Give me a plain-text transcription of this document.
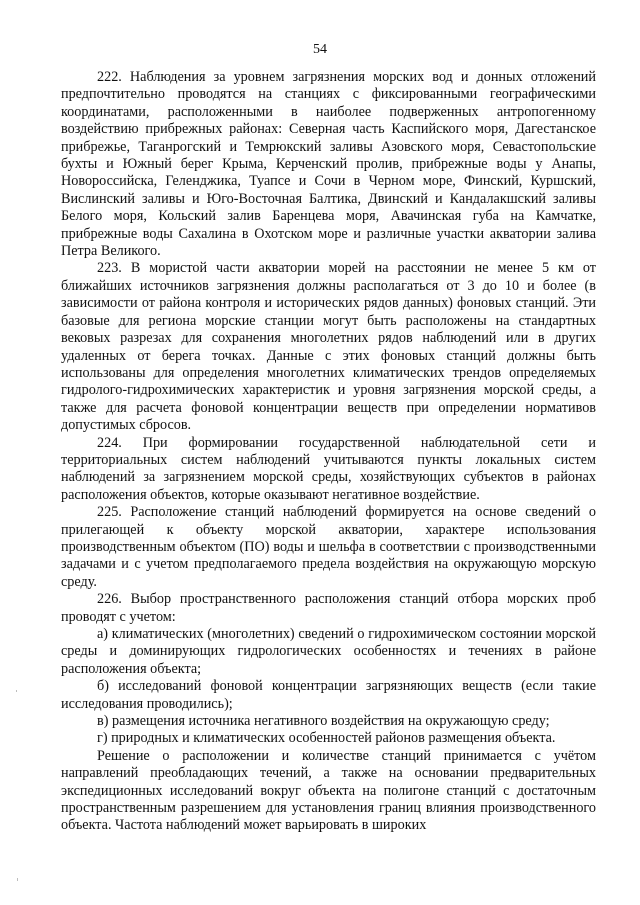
54

222. Наблюдения за уровнем загрязнения морских вод и донных отложений предпочтительно проводятся на станциях с фиксированными географическими координатами, расположенными в наиболее подверженных антропогенному воздействию прибрежных районах: Северная часть Каспийского моря, Дагестанское прибрежье, Таганрогский и Темрюкский заливы Азовского моря, Севастопольские бухты и Южный берег Крыма, Керченский пролив, прибрежные воды у Анапы, Новороссийска, Геленджика, Туапсе и Сочи в Черном море, Финский, Куршский, Вислинский заливы и Юго-Восточная Балтика, Двинский и Кандалакшский заливы Белого моря, Кольский залив Баренцева моря, Авачинская губа на Камчатке, прибрежные воды Сахалина в Охотском море и различные участки акватории залива Петра Великого.

223. В мористой части акватории морей на расстоянии не менее 5 км от ближайших источников загрязнения должны располагаться от 3 до 10 и более (в зависимости от района контроля и исторических рядов данных) фоновых станций. Эти базовые для региона морские станции могут быть расположены на стандартных вековых разрезах для сохранения многолетних рядов наблюдений или в других удаленных от берега точках. Данные с этих фоновых станций должны быть использованы для определения многолетних климатических трендов определяемых гидролого-гидрохимических характеристик и уровня загрязнения морской среды, а также для расчета фоновой концентрации веществ при определении нормативов допустимых сбросов.

224. При формировании государственной наблюдательной сети и территориальных систем наблюдений учитываются пункты локальных систем наблюдений за загрязнением морской среды, хозяйствующих субъектов в районах расположения объектов, которые оказывают негативное воздействие.

225. Расположение станций наблюдений формируется на основе сведений о прилегающей к объекту морской акватории, характере использования производственным объектом (ПО) воды и шельфа в соответствии с производственными задачами и с учетом предполагаемого предела воздействия на окружающую морскую среду.

226. Выбор пространственного расположения станций отбора морских проб проводят с учетом:

а) климатических (многолетних) сведений о гидрохимическом состоянии морской среды и доминирующих гидрологических особенностях и течениях в районе расположения объекта;

б) исследований фоновой концентрации загрязняющих веществ (если такие исследования проводились);

в) размещения источника негативного воздействия на окружающую среду;

г) природных и климатических особенностей районов размещения объекта.

Решение о расположении и количестве станций принимается с учётом направлений преобладающих течений, а также на основании предварительных экспедиционных исследований вокруг объекта на полигоне станций с достаточным пространственным разрешением для установления границ влияния производственного объекта. Частота наблюдений может варьировать в широких
